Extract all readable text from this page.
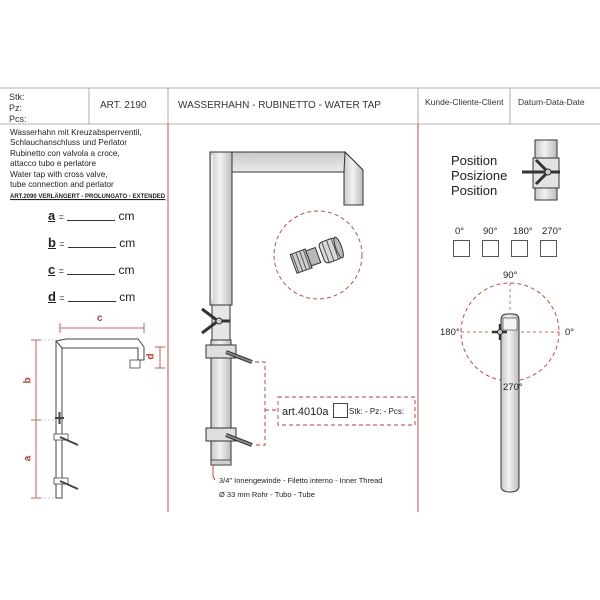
Stk:
Pz:
Pcs:
ART. 2190	WASSERHAHN - RUBINETTO - WATER TAP	Kunde-Cliente-Client Datum-Data-Date
Wasserhahn mit Kreuzabsperrventil,
Schlauchanschluss und Perlator
Rubinetto con valvola a croce,
attacco tubo e perlatore
Water tap with cross valve,
tube connection and perlator
ART.2090 VERLÄNGERT - PROLUNGATO - EXTENDED
a =	cm
b =	cm
c =	cm
d =	cm
c
d
b
a
art.4010a	Stk: - Pz: - Pcs:
3/4" Innengewinde - Filetto interno - Inner Thread
Ø 33 mm Rohr - Tubo - Tube
Position
Posizione
Position
0° 90° 180° 270°
90°
180°	0°
270°
